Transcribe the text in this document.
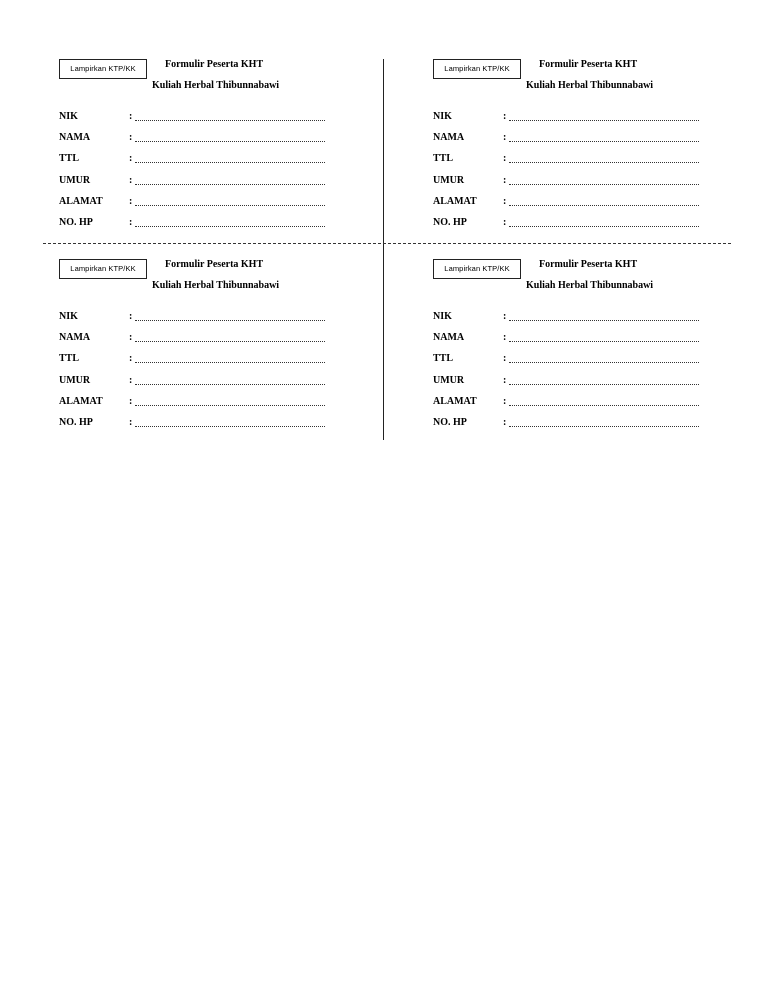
Lampirkan KTP/KK	Formulir Peserta KHT
Kuliah Herbal Thibunnabawi
NIK	:
NAMA	:
TTL	:
UMUR	:
ALAMAT	:
NO. HP	:
Lampirkan KTP/KK	Formulir Peserta KHT
Kuliah Herbal Thibunnabawi
NIK	:
NAMA	:
TTL	:
UMUR	:
ALAMAT	:
NO. HP	:
Lampirkan KTP/KK	Formulir Peserta KHT
Kuliah Herbal Thibunnabawi
NIK	:
NAMA	:
TTL	:
UMUR	:
ALAMAT	:
NO. HP	:
Lampirkan KTP/KK	Formulir Peserta KHT
Kuliah Herbal Thibunnabawi
NIK	:
NAMA	:
TTL	:
UMUR	:
ALAMAT	:
NO. HP	:
